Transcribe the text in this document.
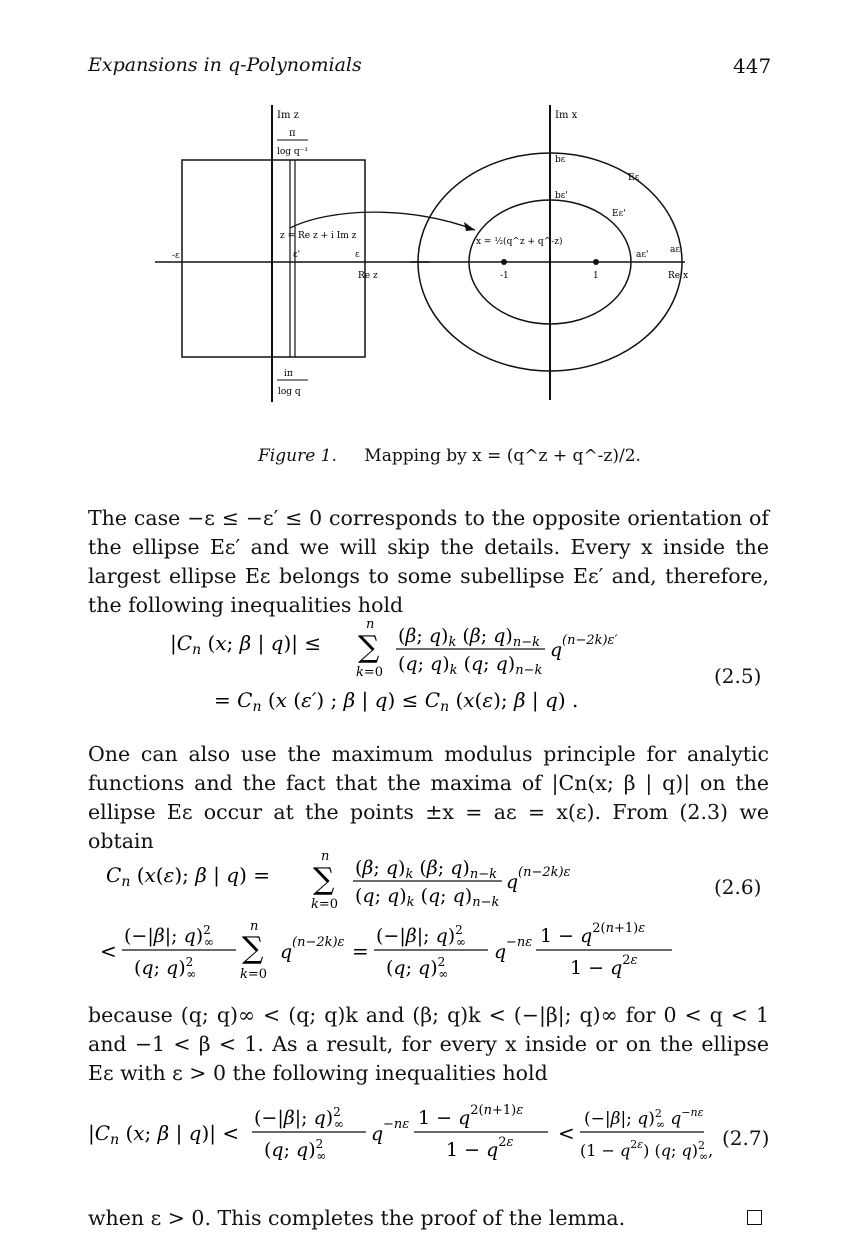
Expansions in q-Polynomials	447
Im z
π
log q⁻¹
z = Re z + i Im z
ε'	ε
-ε
Re z
iπ
log q
Im x
bε
bε'
Eε
Eε'
x = ½(q^z + q^-z)
aε' aε
-1	1	Re x
Figure 1. Mapping by x = (q^z + q^-z)/2.
The case −ε ≤ −ε′ ≤ 0 corresponds to the opposite orientation of the ellipse Eε′ and we will skip the details. Every x inside the largest ellipse Eε belongs to some subellipse Eε′ and, therefore, the following inequalities hold
$|C_n$ (x; β | q)| ≤
n
∑
k=0
(β; $q)_k$ (β; $q)_{n-k}$
(q; $q)_k$ (q; $q)_{n-k}$
q (n−2k)ε′
= $C_n$ (x (ε′) ; β | $q) \le C_n$ (x(ε); β | q) .
(2.5)
One can also use the maximum modulus principle for analytic functions and the fact that the maxima of |Cn(x; β | q)| on the ellipse Eε occur at the points ±x = aε = x(ε). From (2.3) we obtain
$C_n$ (x(ε); β | q) =
n
∑
k=0
(β; $q)_k$ (β; $q)_{n-k}$
(q; $q)_k$ (q; $q)_{n-k}$
q (n−2k)ε
<
(−|β|; q)$^2$ ∞
(q; q)$^2$ ∞
n
∑
k=0
q (n−2k)ε =
(−|β|; q)$^2$ ∞
(q; q)$^2$ ∞
q −nε $1 - q^{2(n+1)\varepsilon}$
$1 - q^{2\varepsilon}$
(2.6)
because (q; q)∞ < (q; q)k and (β; q)k < (−|β|; q)∞ for 0 < q < 1 and −1 < β < 1. As a result, for every x inside or on the ellipse Eε with ε > 0 the following inequalities hold
$|C_n$ (x; β | q)| <
(−|β|; q)$^2$ ∞
(q; q)$^2$ ∞
q −nε $1 - q^{2(n+1)\varepsilon}$
$1 - q^{2\varepsilon}$ <
(−|β|; q)$^2$ ∞ $q^{-n\varepsilon}$
$(1 - q^{2\varepsilon})$ (q; q)$^2$ ∞,
(2.7)
when ε > 0. This completes the proof of the lemma.
